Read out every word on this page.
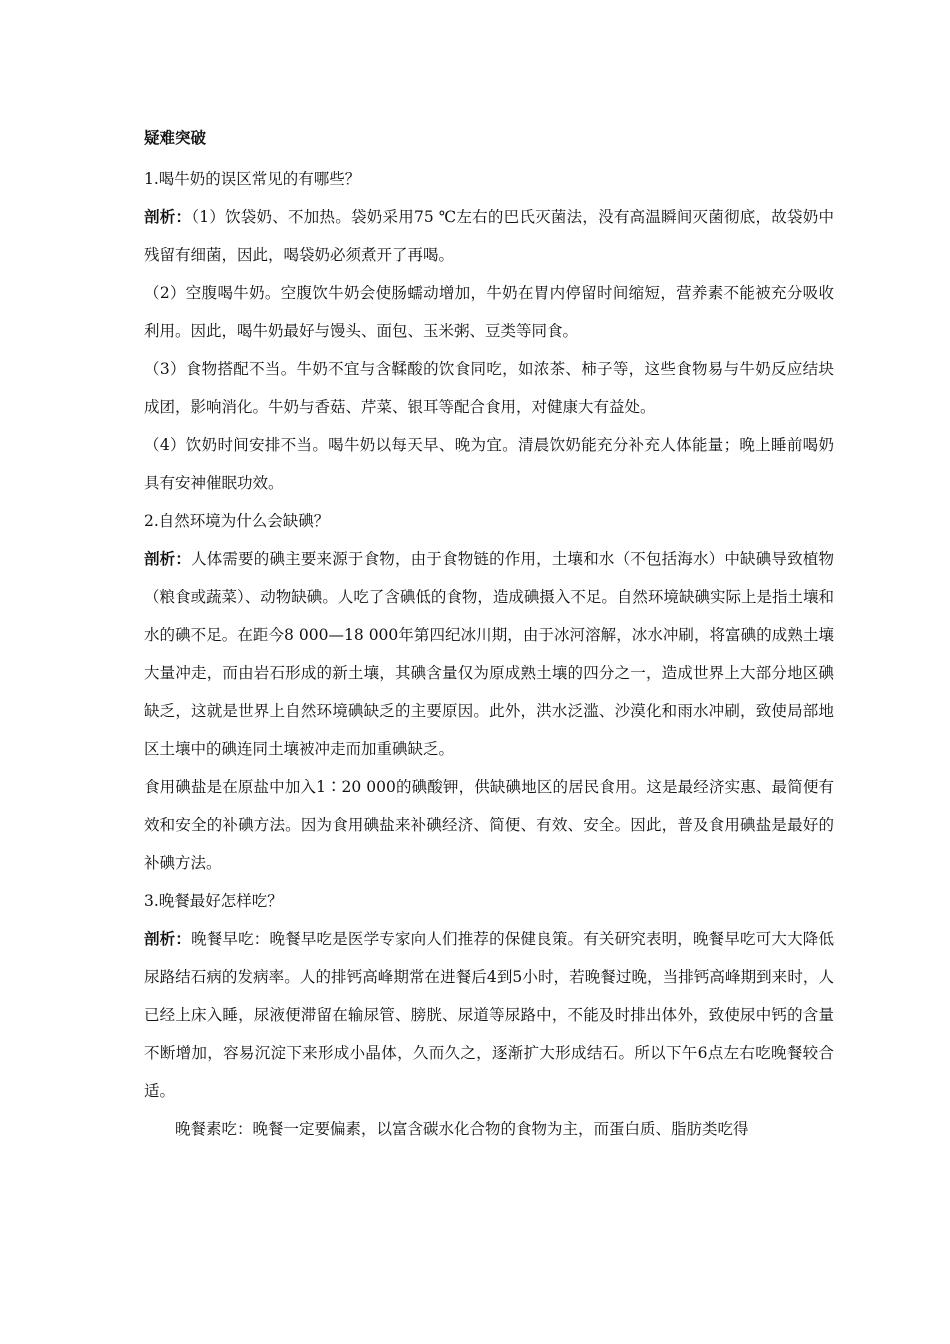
疑难突破

1.喝牛奶的误区常见的有哪些？

剖析：（1）饮袋奶、不加热。袋奶采用75 ℃左右的巴氏灭菌法，没有高温瞬间灭菌彻底，故袋奶中残留有细菌，因此，喝袋奶必须煮开了再喝。

（2）空腹喝牛奶。空腹饮牛奶会使肠蠕动增加，牛奶在胃内停留时间缩短，营养素不能被充分吸收利用。因此，喝牛奶最好与馒头、面包、玉米粥、豆类等同食。

（3）食物搭配不当。牛奶不宜与含鞣酸的饮食同吃，如浓茶、柿子等，这些食物易与牛奶反应结块成团，影响消化。牛奶与香菇、芹菜、银耳等配合食用，对健康大有益处。

（4）饮奶时间安排不当。喝牛奶以每天早、晚为宜。清晨饮奶能充分补充人体能量；晚上睡前喝奶具有安神催眠功效。

2.自然环境为什么会缺碘？

剖析：人体需要的碘主要来源于食物，由于食物链的作用，土壤和水（不包括海水）中缺碘导致植物（粮食或蔬菜）、动物缺碘。人吃了含碘低的食物，造成碘摄入不足。自然环境缺碘实际上是指土壤和水的碘不足。在距今8 000—18 000年第四纪冰川期，由于冰河溶解，冰水冲刷，将富碘的成熟土壤大量冲走，而由岩石形成的新土壤，其碘含量仅为原成熟土壤的四分之一，造成世界上大部分地区碘缺乏，这就是世界上自然环境碘缺乏的主要原因。此外，洪水泛滥、沙漠化和雨水冲刷，致使局部地区土壤中的碘连同土壤被冲走而加重碘缺乏。

食用碘盐是在原盐中加入1∶20 000的碘酸钾，供缺碘地区的居民食用。这是最经济实惠、最简便有效和安全的补碘方法。因为食用碘盐来补碘经济、简便、有效、安全。因此，普及食用碘盐是最好的补碘方法。

3.晚餐最好怎样吃？

剖析：晚餐早吃：晚餐早吃是医学专家向人们推荐的保健良策。有关研究表明，晚餐早吃可大大降低尿路结石病的发病率。人的排钙高峰期常在进餐后4到5小时，若晚餐过晚，当排钙高峰期到来时，人已经上床入睡，尿液便滞留在输尿管、膀胱、尿道等尿路中，不能及时排出体外，致使尿中钙的含量不断增加，容易沉淀下来形成小晶体，久而久之，逐渐扩大形成结石。所以下午6点左右吃晚餐较合适。

晚餐素吃：晚餐一定要偏素，以富含碳水化合物的食物为主，而蛋白质、脂肪类吃得
